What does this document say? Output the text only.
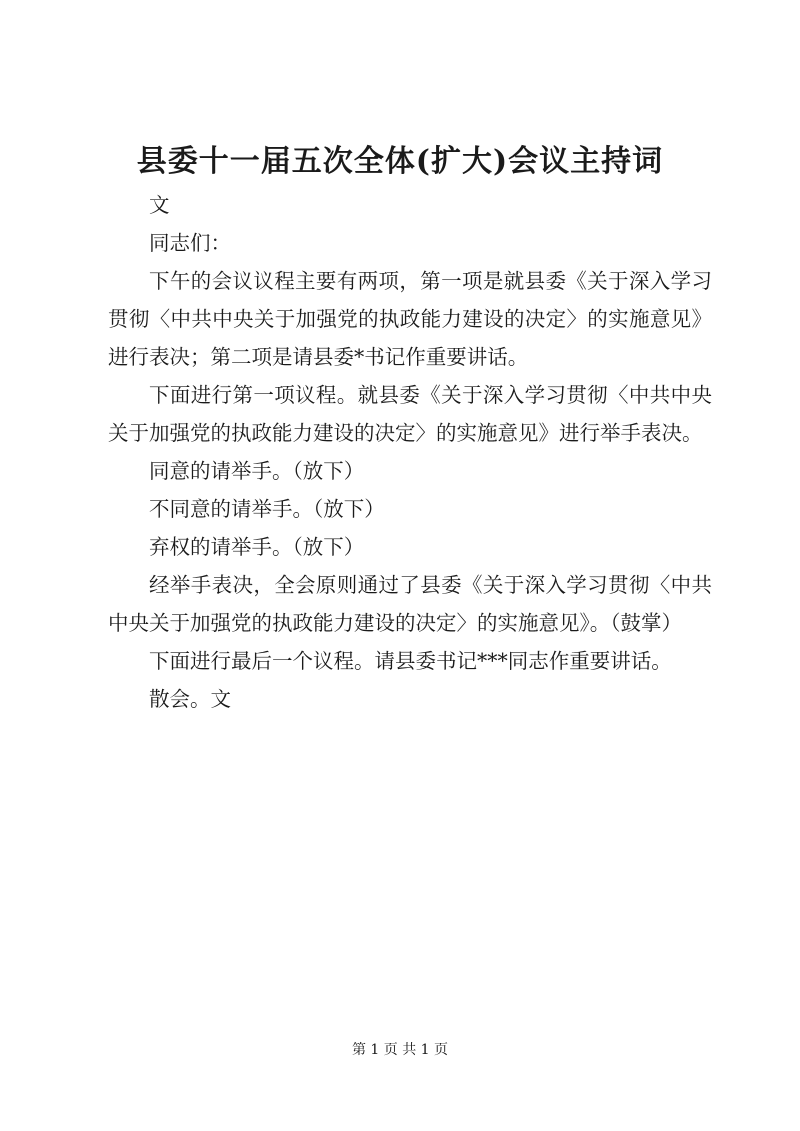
县委十一届五次全体(扩大)会议主持词

文

同志们：

下午的会议议程主要有两项，第一项是就县委《关于深入学习贯彻〈中共中央关于加强党的执政能力建设的决定〉的实施意见》进行表决；第二项是请县委*书记作重要讲话。

下面进行第一项议程。就县委《关于深入学习贯彻〈中共中央关于加强党的执政能力建设的决定〉的实施意见》进行举手表决。

同意的请举手。（放下）

不同意的请举手。（放下）

弃权的请举手。（放下）

经举手表决，全会原则通过了县委《关于深入学习贯彻〈中共中央关于加强党的执政能力建设的决定〉的实施意见》。（鼓掌）

下面进行最后一个议程。请县委书记***同志作重要讲话。

散会。文

第 1 页 共 1 页
